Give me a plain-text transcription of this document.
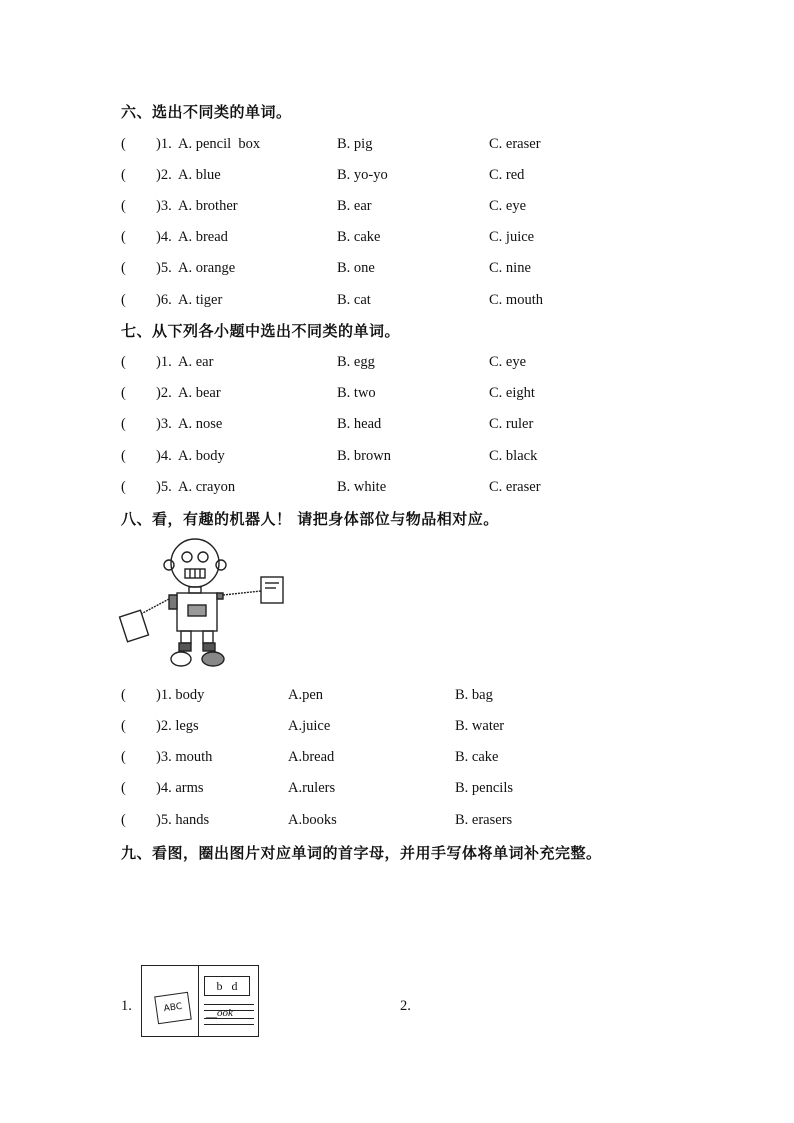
六、选出不同类的单词。
( )1. A. pencil  box	B. pig	C. eraser
( )2. A. blue	B. yo-yo	C. red
( )3. A. brother	B. ear	C. eye
( )4. A. bread	B. cake	C. juice
( )5. A. orange	B. one	C. nine
( )6. A. tiger	B. cat	C. mouth
七、从下列各小题中选出不同类的单词。
( )1. A. ear	B. egg	C. eye
( )2. A. bear	B. two	C. eight
( )3. A. nose	B. head	C. ruler
( )4. A. body	B. brown	C. black
( )5. A. crayon	B. white	C. eraser
八、看，有趣的机器人！ 请把身体部位与物品相对应。
( )1. body	A.pen	B. bag
( )2. legs	A.juice	B. water
( )3. mouth	A.bread	B. cake
( )4. arms	A.rulers	B. pencils
( )5. hands	A.books	B. erasers
九、看图，圈出图片对应单词的首字母，并用手写体将单词补充完整。
1.	2.
ABC
b   d
__ook
